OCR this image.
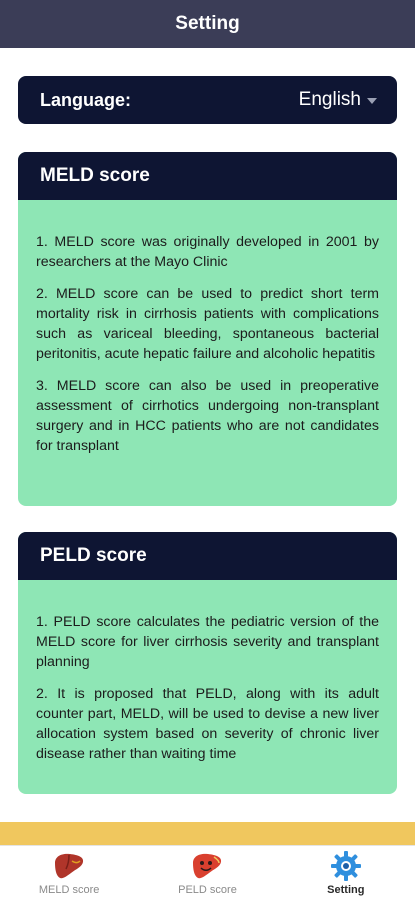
Setting
Language:	English
MELD score

1. MELD score was originally developed in 2001 by researchers at the Mayo Clinic

2. MELD score can be used to predict short term mortality risk in cirrhosis patients with complications such as variceal bleeding, spontaneous bacterial peritonitis, acute hepatic failure and alcoholic hepatitis

3. MELD score can also be used in preoperative assessment of cirrhotics undergoing non-transplant surgery and in HCC patients who are not candidates for transplant

PELD score

1. PELD score calculates the pediatric version of the MELD score for liver cirrhosis severity and transplant planning

2. It is proposed that PELD, along with its adult counter part, MELD, will be used to devise a new liver allocation system based on severity of chronic liver disease rather than waiting time

MELD score	PELD score	Setting
